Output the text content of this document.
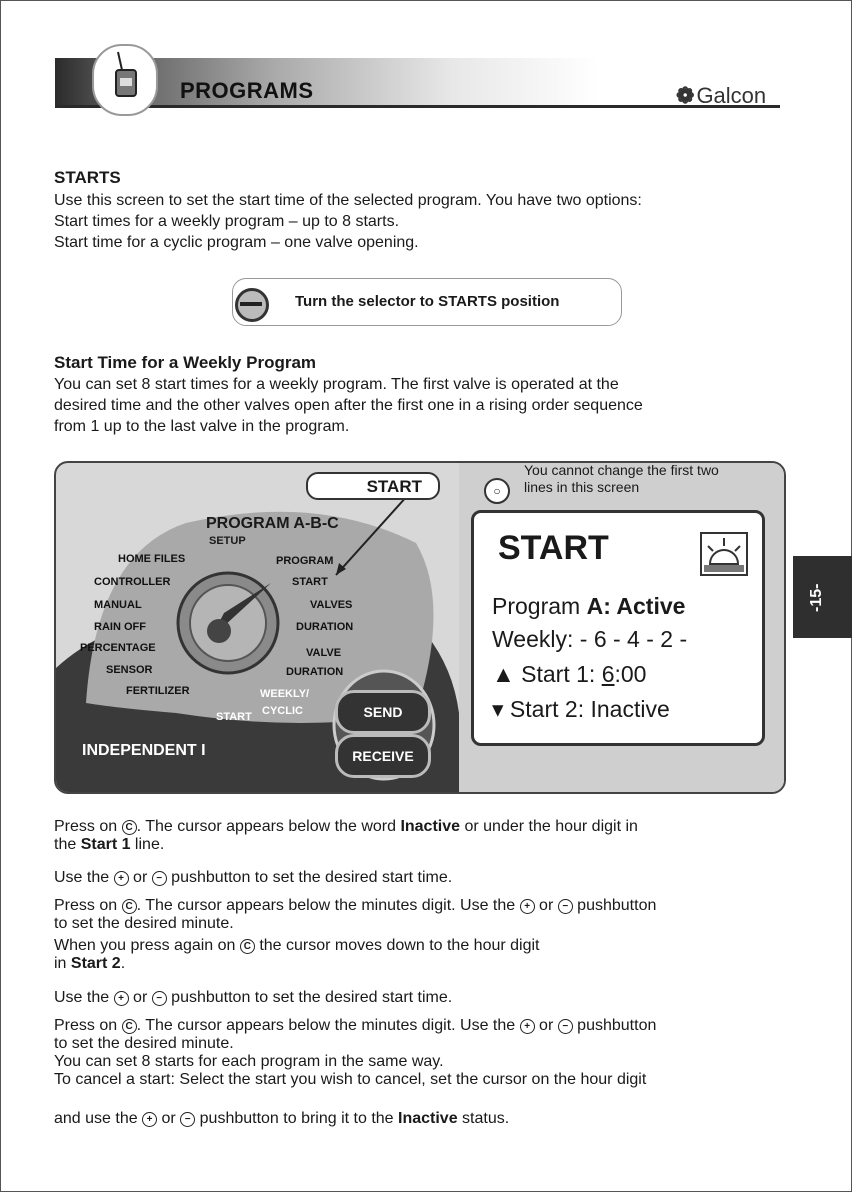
PROGRAMS	❁Galcon
STARTS

Use this screen to set the start time of the selected program. You have two options:

Start times for a weekly program – up to 8 starts.

Start time for a cyclic program – one valve opening.

Turn the selector to STARTS position
Start Time for a Weekly Program

You can set 8 start times for a weekly program. The first valve is operated at the

desired time and the other valves open after the first one in a rising order sequence

from 1 up to the last valve in the program.

START
PROGRAM A-B-C
SETUP
HOME FILES
CONTROLLER
MANUAL
RAIN OFF
PERCENTAGE
SENSOR
FERTILIZER
PROGRAM
START
VALVES
DURATION
VALVE
DURATION
WEEKLY/
CYCLIC
START
INDEPENDENT I
SEND
RECEIVE
○
You cannot change the first two
lines in this screen
START
Program A: Active
Weekly: - 6 - 4 - 2 -
▲ Start 1: 6:00
▾ Start 2: Inactive
-15-

Press on C . The cursor appears below the word Inactive or under the hour digit in

the Start 1 line.

Use the + or − pushbutton to set the desired start time.

Press on C . The cursor appears below the minutes digit. Use the + or − pushbutton

to set the desired minute.

When you press again on C the cursor moves down to the hour digit

in Start 2.

Use the + or − pushbutton to set the desired start time.

Press on C . The cursor appears below the minutes digit. Use the + or − pushbutton

to set the desired minute.

You can set 8 starts for each program in the same way.

To cancel a start: Select the start you wish to cancel, set the cursor on the hour digit

and use the + or − pushbutton to bring it to the Inactive status.
